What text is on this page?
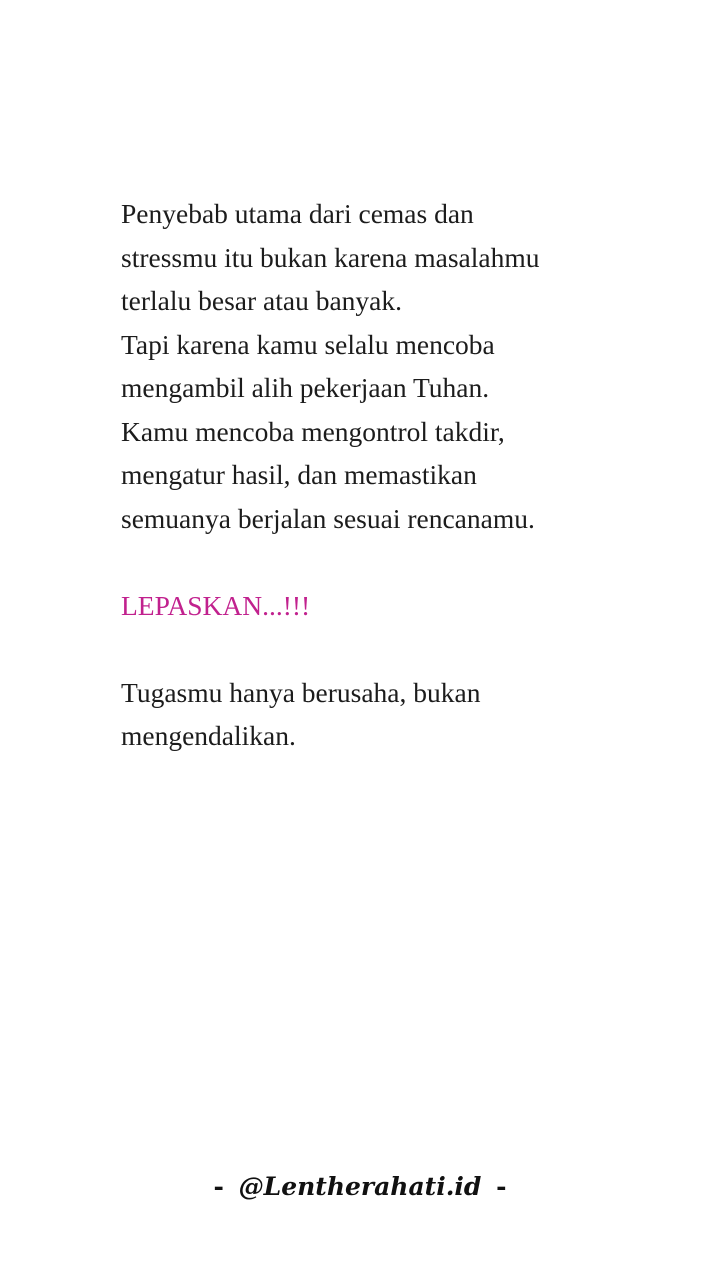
Penyebab utama dari cemas dan
stressmu itu bukan karena masalahmu
terlalu besar atau banyak.
Tapi karena kamu selalu mencoba
mengambil alih pekerjaan Tuhan.
Kamu mencoba mengontrol takdir,
mengatur hasil, dan memastikan
semuanya berjalan sesuai rencanamu.

LEPASKAN...!!!

Tugasmu hanya berusaha, bukan
mengendalikan.

- @Lentherahati.id -
